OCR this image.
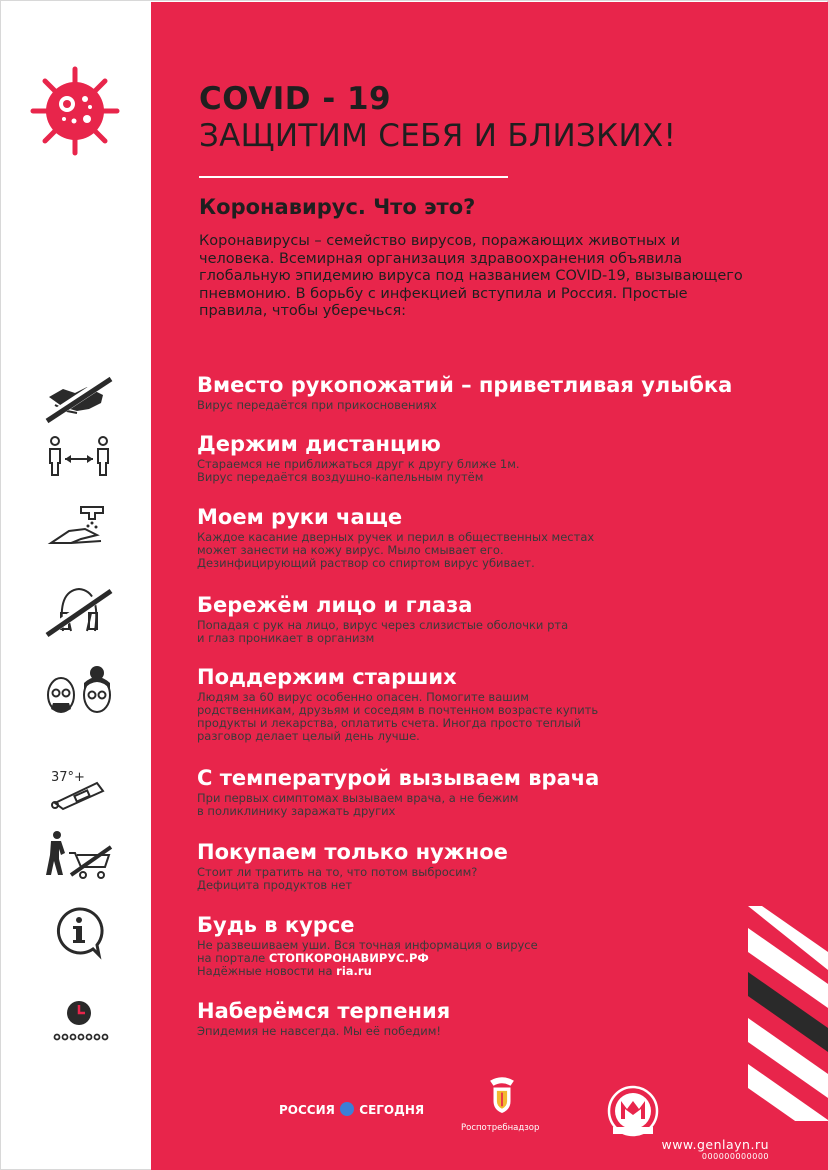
COVID - 19
ЗАЩИТИМ СЕБЯ И БЛИЗКИХ!
Коронавирус. Что это?
Коронавирусы – семейство вирусов, поражающих животных и человека. Всемирная организация здравоохранения объявила глобальную эпидемию вируса под названием COVID-19, вызывающего пневмонию. В борьбу с инфекцией вступила и Россия. Простые правила, чтобы уберечься:
37°+
Вместо рукопожатий – приветливая улыбка
Вирус передаётся при прикосновениях
Держим дистанцию
Стараемся не приближаться друг к другу ближе 1м.
Вирус передаётся воздушно-капельным путём
Моем руки чаще
Каждое касание дверных ручек и перил в общественных местах
может занести на кожу вирус. Мыло смывает его.
Дезинфицирующий раствор со спиртом вирус убивает.
Бережём лицо и глаза
Попадая с рук на лицо, вирус через слизистые оболочки рта
и глаз проникает в организм
Поддержим старших
Людям за 60 вирус особенно опасен. Помогите вашим
родственникам, друзьям и соседям в почтенном возрасте купить
продукты и лекарства, оплатить счета. Иногда просто теплый
разговор делает целый день лучше.
С температурой вызываем врача
При первых симптомах вызываем врача, а не бежим
в поликлинику заражать других
Покупаем только нужное
Стоит ли тратить на то, что потом выбросим?
Дефицита продуктов нет
Будь в курсе
Не развешиваем уши. Вся точная информация о вирусе
на портале СТОПКОРОНАВИРУС.РФ
Надёжные новости на ria.ru
Наберёмся терпения
Эпидемия не навсегда. Мы её победим!
РОССИЯ СЕГОДНЯ
Роспотребнадзор
www.genlayn.ru
000000000000
